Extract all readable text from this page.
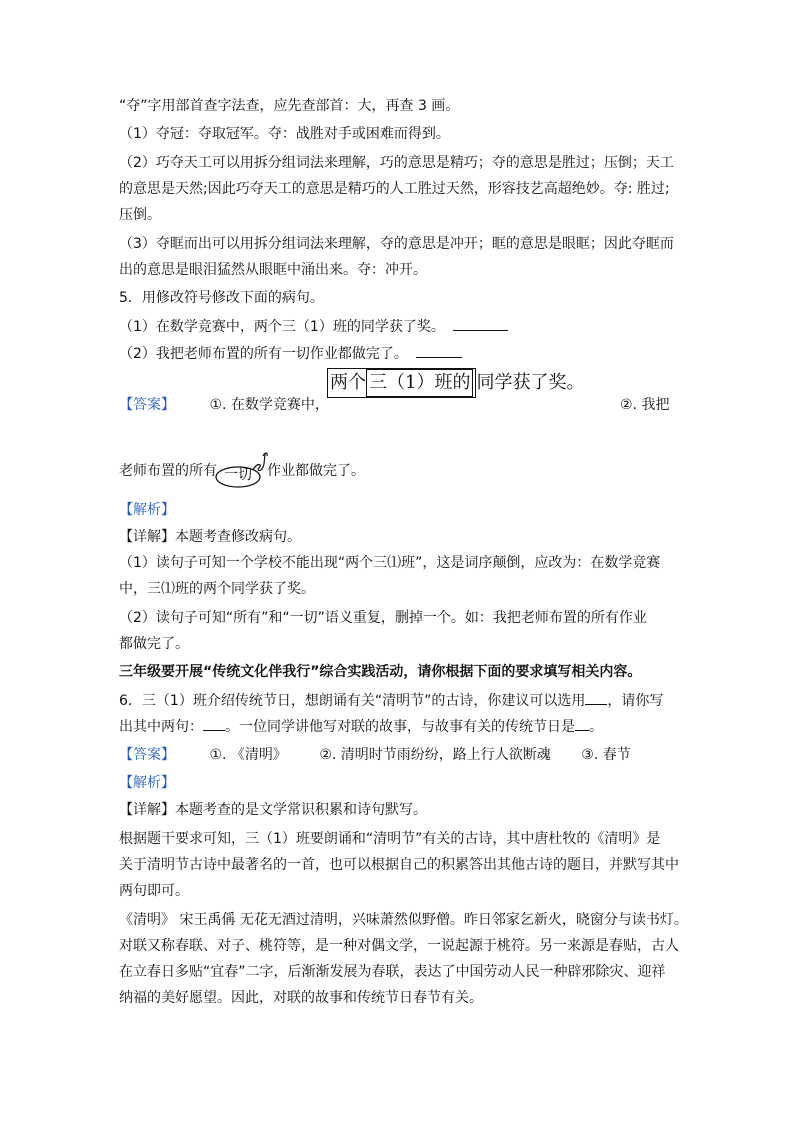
“夺”字用部首查字法查，应先查部首：大，再查 3 画。
（1）夺冠：夺取冠军。夺：战胜对手或困难而得到。
（2）巧夺天工可以用拆分组词法来理解，巧的意思是精巧；夺的意思是胜过；压倒；天工
的意思是天然;因此巧夺天工的意思是精巧的人工胜过天然，形容技艺高超绝妙。夺: 胜过;
压倒。
（3）夺眶而出可以用拆分组词法来理解，夺的意思是冲开；眶的意思是眼眶；因此夺眶而
出的意思是眼泪猛然从眼眶中涌出来。夺：冲开。
5．用修改符号修改下面的病句。
（1）在数学竞赛中，两个三（1）班的同学获了奖。
（2）我把老师布置的所有一切作业都做完了。
两个 三（1）班的 同学获了奖。
【答案】 ①. 在数学竞赛中，	②. 我把
老师布置的所有	作业都做完了。
一切
【解析】
【详解】本题考查修改病句。
（1）读句子可知一个学校不能出现“两个三⑴班”，这是词序颠倒，应改为：在数学竞赛
中，三⑴班的两个同学获了奖。
（2）读句子可知“所有”和“一切”语义重复，删掉一个。如：我把老师布置的所有作业
都做完了。
三年级要开展“传统文化伴我行”综合实践活动，请你根据下面的要求填写相关内容。
6．三（1）班介绍传统节日，想朗诵有关“清明节”的古诗，你建议可以选用 ，请你写
出其中两句： 。一位同学讲他写对联的故事，与故事有关的传统节日是 。
【答案】 ①. 《清明》 ②. 清明时节雨纷纷，路上行人欲断魂 ③. 春节
【解析】
【详解】本题考查的是文学常识积累和诗句默写。
根据题干要求可知，三（1）班要朗诵和“清明节”有关的古诗，其中唐杜牧的《清明》是
关于清明节古诗中最著名的一首，也可以根据自己的积累答出其他古诗的题目，并默写其中
两句即可。
《清明》 宋王禹偁 无花无酒过清明，兴味萧然似野僧。昨日邻家乞新火，晓窗分与读书灯。
对联又称春联、对子、桃符等，是一种对偶文学，一说起源于桃符。另一来源是春贴，古人
在立春日多贴“宜春”二字，后渐渐发展为春联，表达了中国劳动人民一种辟邪除灾、迎祥
纳福的美好愿望。因此，对联的故事和传统节日春节有关。
